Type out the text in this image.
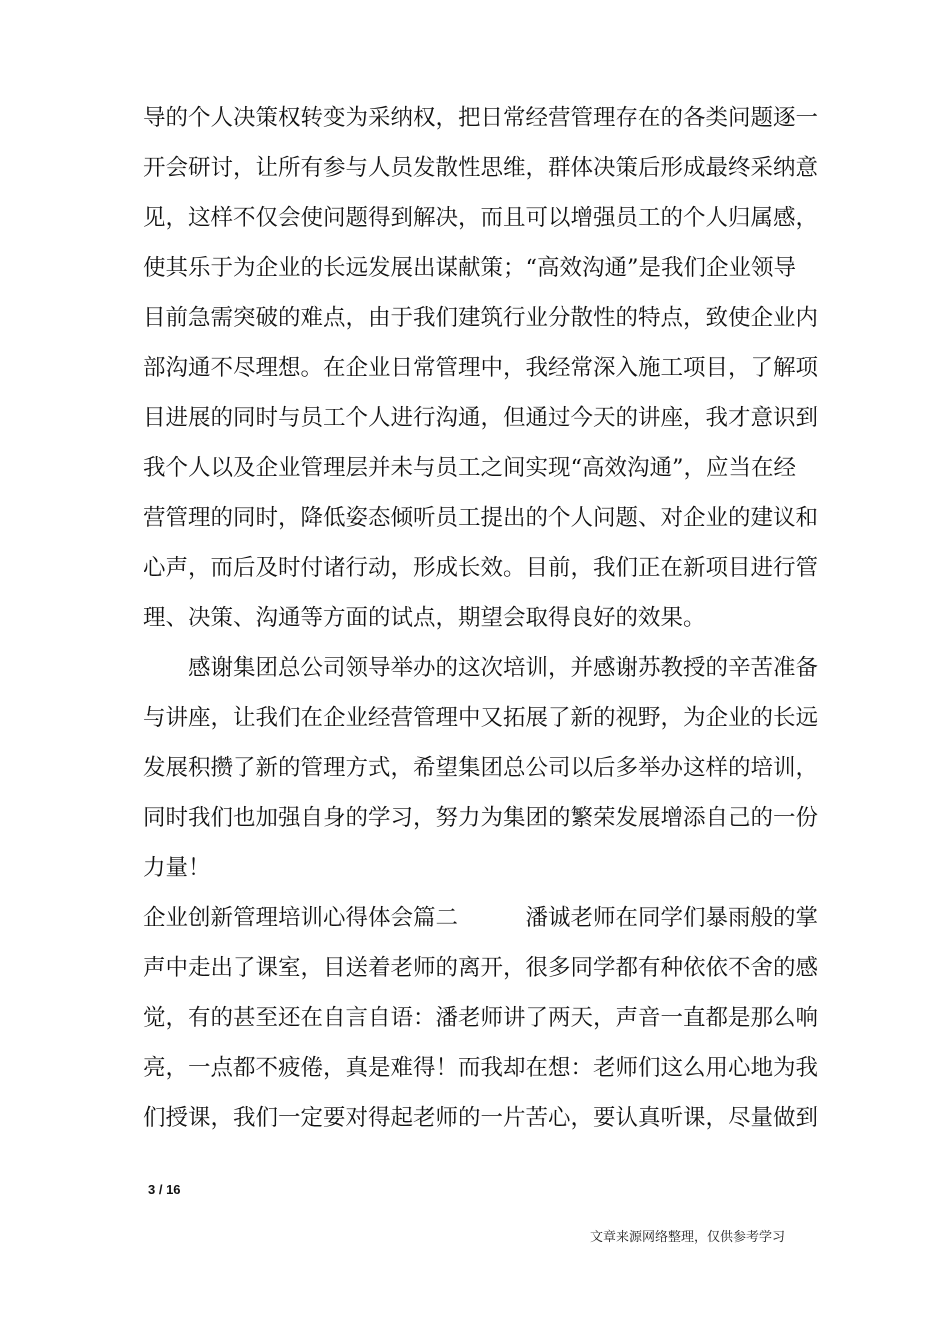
导的个人决策权转变为采纳权，把日常经营管理存在的各类问题逐一
开会研讨，让所有参与人员发散性思维，群体决策后形成最终采纳意
见，这样不仅会使问题得到解决，而且可以增强员工的个人归属感，
使其乐于为企业的长远发展出谋献策；“高效沟通”是我们企业领导
目前急需突破的难点，由于我们建筑行业分散性的特点，致使企业内
部沟通不尽理想。在企业日常管理中，我经常深入施工项目，了解项
目进展的同时与员工个人进行沟通，但通过今天的讲座，我才意识到
我个人以及企业管理层并未与员工之间实现“高效沟通”，应当在经
营管理的同时，降低姿态倾听员工提出的个人问题、对企业的建议和
心声，而后及时付诸行动，形成长效。目前，我们正在新项目进行管
理、决策、沟通等方面的试点，期望会取得良好的效果。
　　感谢集团总公司领导举办的这次培训，并感谢苏教授的辛苦准备
与讲座，让我们在企业经营管理中又拓展了新的视野，为企业的长远
发展积攒了新的管理方式，希望集团总公司以后多举办这样的培训，
同时我们也加强自身的学习，努力为集团的繁荣发展增添自己的一份
力量！
企业创新管理培训心得体会篇二　　　潘诚老师在同学们暴雨般的掌
声中走出了课室，目送着老师的离开，很多同学都有种依依不舍的感
觉，有的甚至还在自言自语：潘老师讲了两天，声音一直都是那么响
亮，一点都不疲倦，真是难得！而我却在想：老师们这么用心地为我
们授课，我们一定要对得起老师的一片苦心，要认真听课，尽量做到
3 / 16
文章来源网络整理，仅供参考学习
